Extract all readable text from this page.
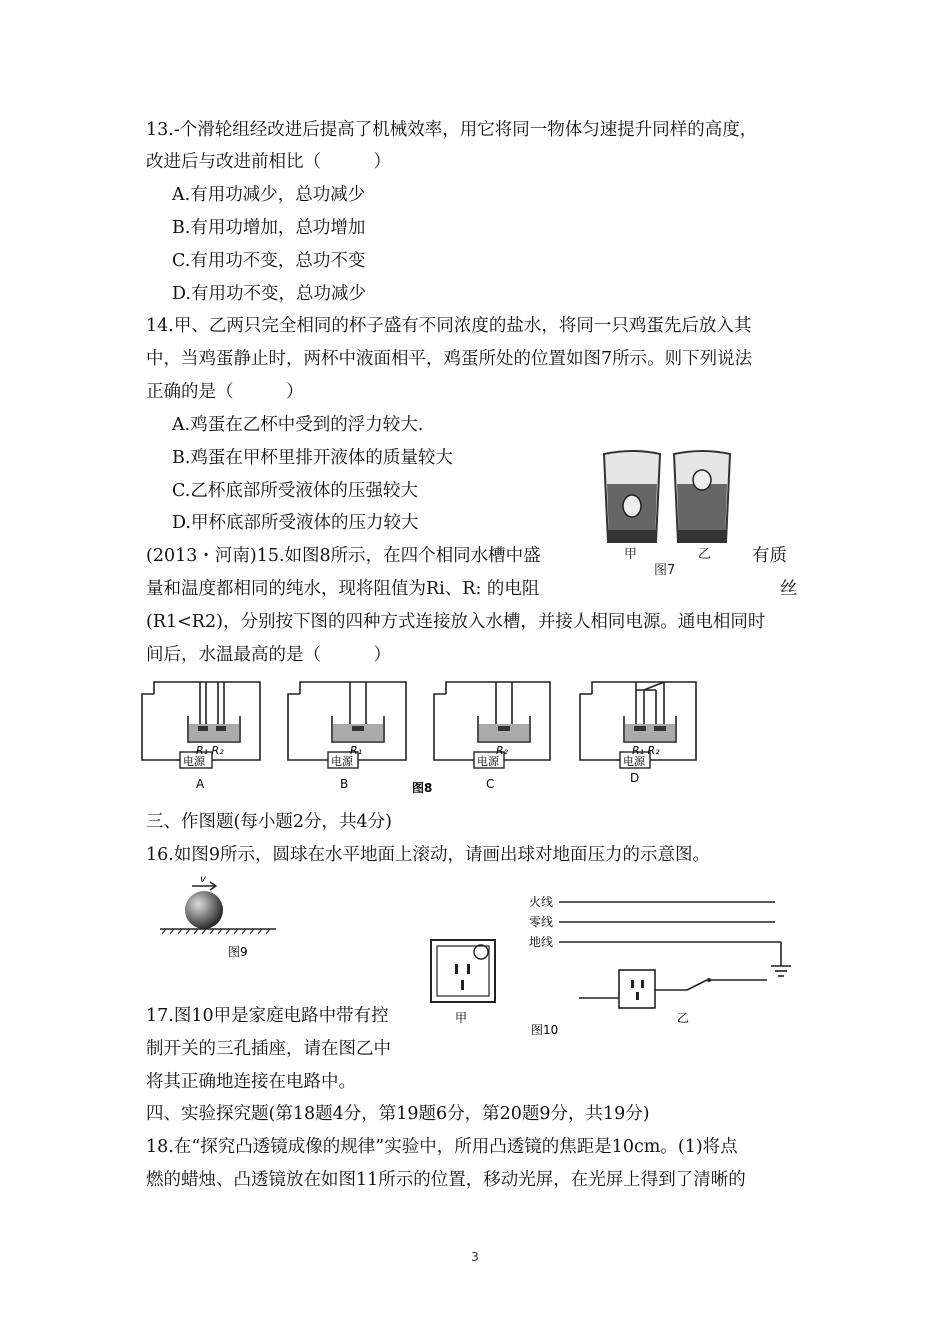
13.-个滑轮组经改进后提高了机械效率，用它将同一物体匀速提升同样的高度，
改进后与改进前相比（　　　）
A.有用功减少，总功减少
B.有用功增加，总功增加
C.有用功不变，总功不变
D.有用功不变，总功减少
14.甲、乙两只完全相同的杯子盛有不同浓度的盐水，将同一只鸡蛋先后放入其
中，当鸡蛋静止时，两杯中液面相平，鸡蛋所处的位置如图7所示。则下列说法
正确的是（　　　）
A.鸡蛋在乙杯中受到的浮力较大.
B.鸡蛋在甲杯里排开液体的质量较大
C.乙杯底部所受液体的压强较大
D.甲杯底部所受液体的压力较大
甲	乙
图7
(2013・河南)15.如图8所示，在四个相同水槽中盛	有质
量和温度都相同的纯水，现将阻值为Ri、R: 的电阻	丝
(R1<R2)，分别按下图的四种方式连接放入水槽，并接人相同电源。通电相同时
间后，水温最高的是（　　　）
电源	电源	电源	电源
R₁ R₂	R₁	R₂	R₁ R₂
A	B	C	D
图8
三、作图题(每小题2分，共4分)
16.如图9所示，圆球在水平地面上滚动，请画出球对地面压力的示意图。
v
图9
火线
零线
地线
甲	乙
图10
17.图10甲是家庭电路中带有控
制开关的三孔插座，请在图乙中
将其正确地连接在电路中。
四、实验探究题(第18题4分，第19题6分，第20题9分，共19分)
18.在“探究凸透镜成像的规律”实验中，所用凸透镜的焦距是10cm。(1)将点
燃的蜡烛、凸透镜放在如图11所示的位置，移动光屏，在光屏上得到了清晰的
3
